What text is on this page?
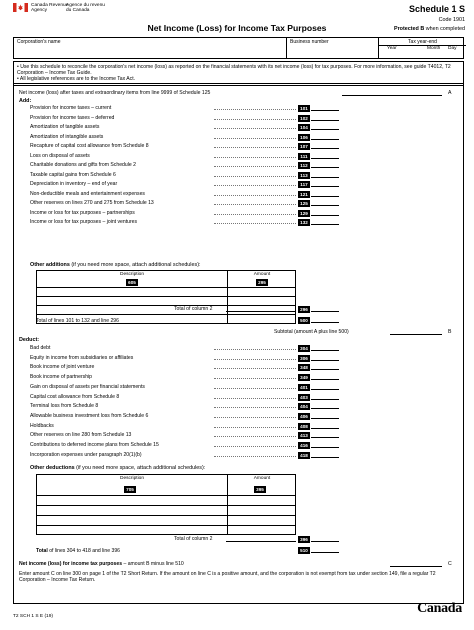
Canada Revenue
Agency
Agence du revenu
du Canada	Schedule 1 S
Code 1901
Protected B when completed
Net Income (Loss) for Income Tax Purposes
Corporation's name	Business number	Tax year-end
Year	Month Day
• Use this schedule to reconcile the corporation's net income (loss) as reported on the financial statements with its net income (loss) for tax purposes. For more information, see guide T4012, T2 Corporation – Income Tax Guide.
• All legislative references are to the Income Tax Act.
Net income (loss) after taxes and extraordinary items from line 9999 of Schedule 125	A
Add:
Other additions (if you need more space, attach additional schedules):
Description	Amount
605	295
Total of column 2	296
Total of lines 101 to 132 and line 296	500
Subtotal (amount A plus line 500)	B
Deduct:
Other deductions (if you need more space, attach additional schedules):
Description	Amount
705	395
Total of column 2	396
Total of lines 304 to 418 and line 396	510
Net income (loss) for income tax purposes – amount B minus line 510	C
Enter amount C on line 300 on page 1 of the T2 Short Return. If the amount on line C is a positive amount, and the corporation is not exempt from tax under section 149, file a regular T2 Corporation – Income Tax Return.
Provision for income taxes – current	101
Provision for income taxes – deferred	102
Amortization of tangible assets	104
Amortization of intangible assets	106
Recapture of capital cost allowance from Schedule 8	107
Loss on disposal of assets	111
Charitable donations and gifts from Schedule 2	112
Taxable capital gains from Schedule 6	113
Depreciation in inventory – end of year	117
Non-deductible meals and entertainment expenses	121
Other reserves on lines 270 and 275 from Schedule 13	125
Income or loss for tax purposes – partnerships	129
Income or loss for tax purposes – joint ventures	132
Bad debt	304
Equity in income from subsidiaries or affiliates	306
Book income of joint venture	348
Book income of partnership	349
Gain on disposal of assets per financial statements	401
Capital cost allowance from Schedule 8	403
Terminal loss from Schedule 8	404
Allowable business investment loss from Schedule 6	406
Holdbacks	408
Other reserves on line 280 from Schedule 13	413
Contributions to deferred income plans from Schedule 15	416
Incorporation expenses under paragraph 20(1)(b)	418
T2 SCH 1 S E (19)
Canada
